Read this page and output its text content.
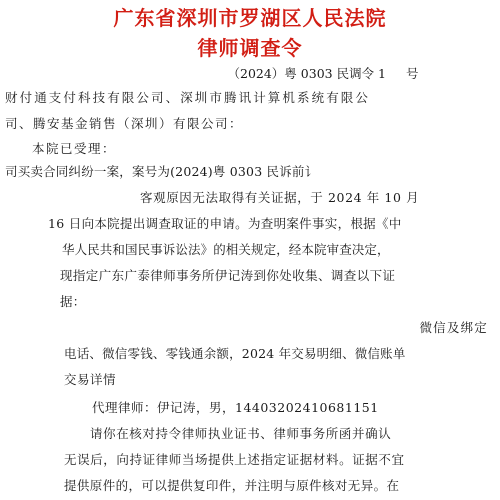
广东省深圳市罗湖区人民法院
律师调查令
（2024）粤 0303 民调令 1 号
财付通支付科技有限公司、深圳市腾讯计算机系统有限公
司、腾安基金销售（深圳）有限公司：
本院已受理：
司买卖合同纠纷一案，案号为(2024)粤 0303 民诉前讠
客观原因无法取得有关证据，于 2024 年 10 月
16 日向本院提出调查取证的申请。为查明案件事实，根据《中
华人民共和国民事诉讼法》的相关规定，经本院审查决定，
现指定广东广泰律师事务所伊记涛到你处收集、调查以下证
据：
微信及绑定
电话、微信零钱、零钱通余额，2024 年交易明细、微信账单
交易详情
代理律师：伊记涛，男，14403202410681151
请你在核对持令律师执业证书、律师事务所函并确认
无误后，向持证律师当场提供上述指定证据材料。证据不宜
提供原件的，可以提供复印件，并注明与原件核对无异。在
